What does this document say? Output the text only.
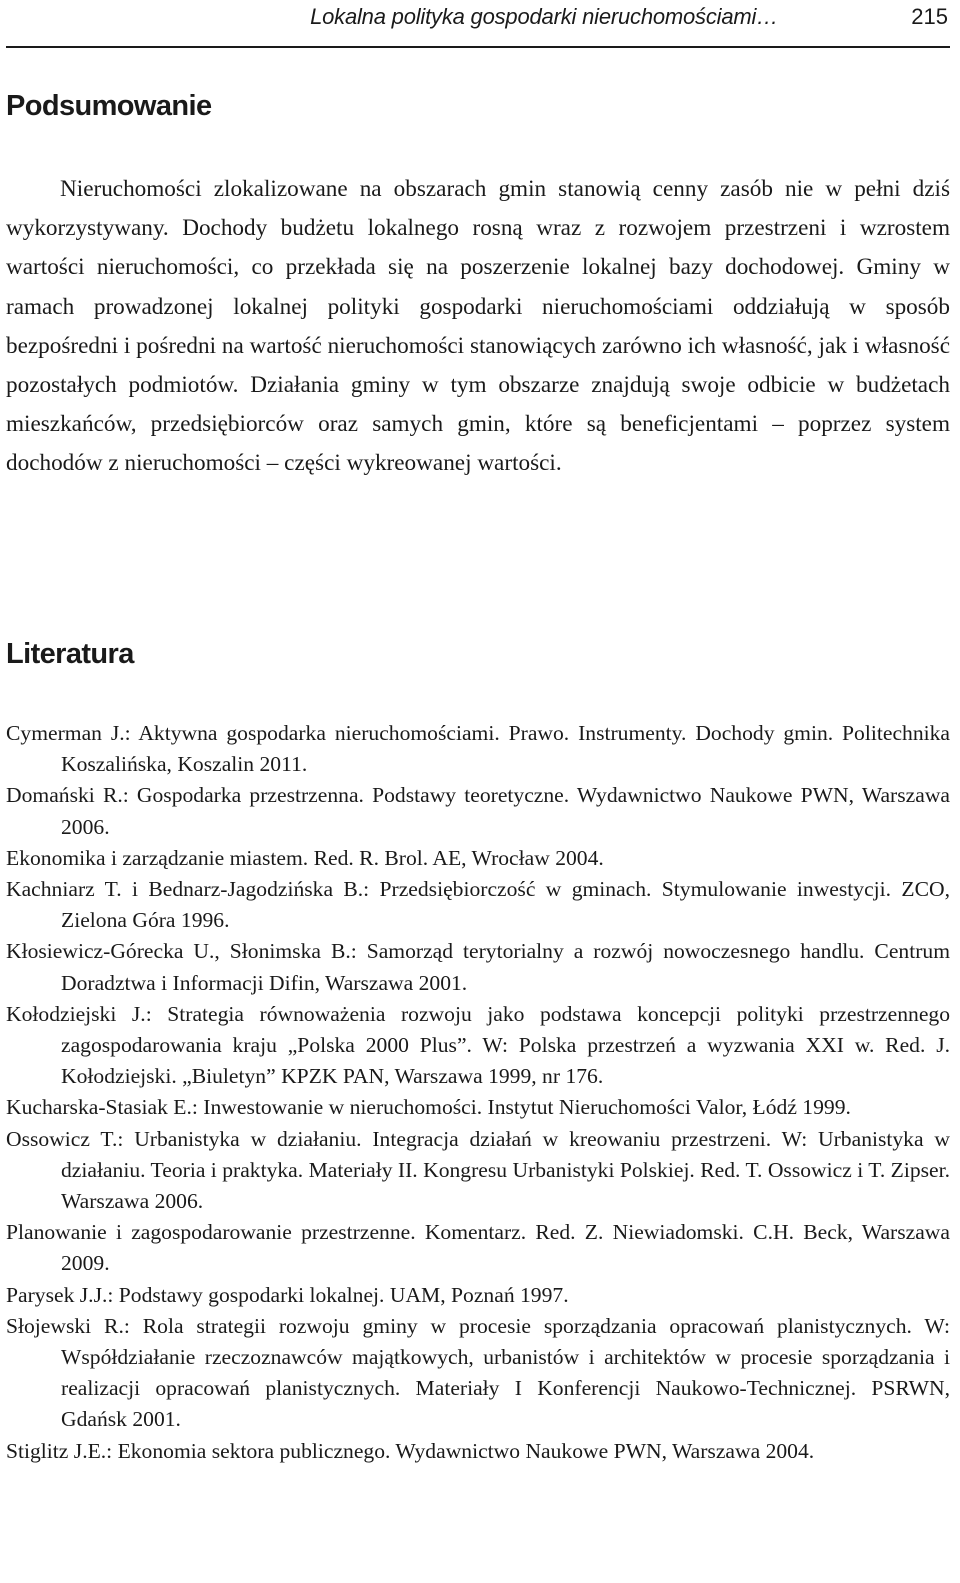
Lokalna polityka gospodarki nieruchomościami…	215
Podsumowanie

Nieruchomości zlokalizowane na obszarach gmin stanowią cenny zasób nie w pełni dziś wykorzystywany. Dochody budżetu lokalnego rosną wraz z rozwojem przestrzeni i wzrostem wartości nieruchomości, co przekłada się na poszerzenie lokalnej bazy dochodowej. Gminy w ramach prowadzonej lokalnej polityki gospodarki nieruchomościami oddziałują w sposób bezpośredni i pośredni na wartość nieruchomości stanowiących zarówno ich własność, jak i własność pozostałych podmiotów. Działania gminy w tym obszarze znajdują swoje odbicie w budżetach mieszkańców, przedsiębiorców oraz samych gmin, które są beneficjentami – poprzez system dochodów z nieruchomości – części wykreowanej wartości.

Literatura
Cymerman J.: Aktywna gospodarka nieruchomościami. Prawo. Instrumenty. Dochody gmin. Politechnika Koszalińska, Koszalin 2011.
Domański R.: Gospodarka przestrzenna. Podstawy teoretyczne. Wydawnictwo Naukowe PWN, Warszawa 2006.
Ekonomika i zarządzanie miastem. Red. R. Brol. AE, Wrocław 2004.
Kachniarz T. i Bednarz-Jagodzińska B.: Przedsiębiorczość w gminach. Stymulowanie inwestycji. ZCO, Zielona Góra 1996.
Kłosiewicz-Górecka U., Słonimska B.: Samorząd terytorialny a rozwój nowoczesnego handlu. Centrum Doradztwa i Informacji Difin, Warszawa 2001.
Kołodziejski J.: Strategia równoważenia rozwoju jako podstawa koncepcji polityki przestrzennego zagospodarowania kraju „Polska 2000 Plus”. W: Polska przestrzeń a wyzwania XXI w. Red. J. Kołodziejski. „Biuletyn” KPZK PAN, Warszawa 1999, nr 176.
Kucharska-Stasiak E.: Inwestowanie w nieruchomości. Instytut Nieruchomości Valor, Łódź 1999.
Ossowicz T.: Urbanistyka w działaniu. Integracja działań w kreowaniu przestrzeni. W: Urbanistyka w działaniu. Teoria i praktyka. Materiały II. Kongresu Urbanistyki Polskiej. Red. T. Ossowicz i T. Zipser. Warszawa 2006.
Planowanie i zagospodarowanie przestrzenne. Komentarz. Red. Z. Niewiadomski. C.H. Beck, Warszawa 2009.
Parysek J.J.: Podstawy gospodarki lokalnej. UAM, Poznań 1997.
Słojewski R.: Rola strategii rozwoju gminy w procesie sporządzania opracowań planistycznych. W: Współdziałanie rzeczoznawców majątkowych, urbanistów i architektów w procesie sporządzania i realizacji opracowań planistycznych. Materiały I Konferencji Naukowo-Technicznej. PSRWN, Gdańsk 2001.
Stiglitz J.E.: Ekonomia sektora publicznego. Wydawnictwo Naukowe PWN, Warszawa 2004.
